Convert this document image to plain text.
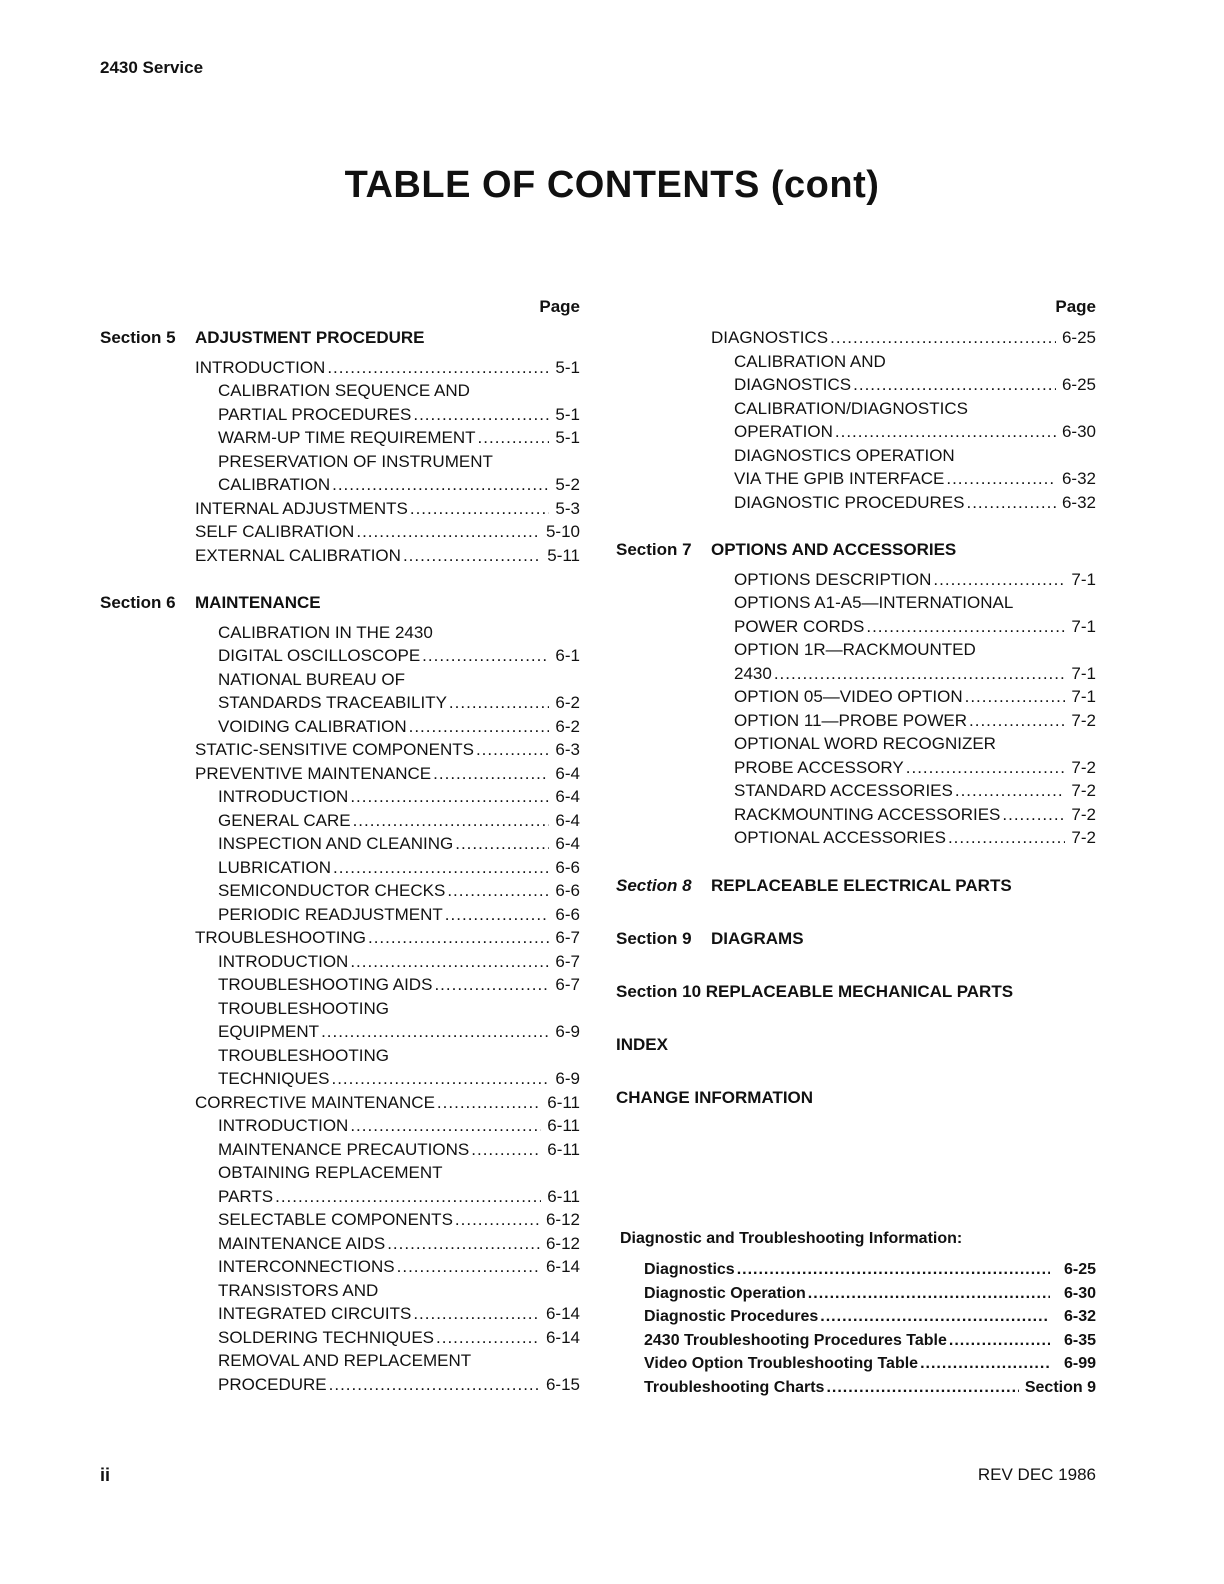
2430 Service
TABLE OF CONTENTS (cont)
Page
Section 5	ADJUSTMENT PROCEDURE
INTRODUCTION .....	5-1
CALIBRATION SEQUENCE AND
PARTIAL PROCEDURES .....	5-1
WARM-UP TIME REQUIREMENT .....	5-1
PRESERVATION OF INSTRUMENT
CALIBRATION .....	5-2
INTERNAL ADJUSTMENTS .....	5-3
SELF CALIBRATION .....	5-10
EXTERNAL CALIBRATION .....	5-11
Section 6	MAINTENANCE
CALIBRATION IN THE 2430
DIGITAL OSCILLOSCOPE .....	6-1
NATIONAL BUREAU OF
STANDARDS TRACEABILITY .....	6-2
VOIDING CALIBRATION .....	6-2
STATIC-SENSITIVE COMPONENTS .....	6-3
PREVENTIVE MAINTENANCE .....	6-4
INTRODUCTION .....	6-4
GENERAL CARE .....	6-4
INSPECTION AND CLEANING .....	6-4
LUBRICATION .....	6-6
SEMICONDUCTOR CHECKS .....	6-6
PERIODIC READJUSTMENT .....	6-6
TROUBLESHOOTING .....	6-7
INTRODUCTION .....	6-7
TROUBLESHOOTING AIDS .....	6-7
TROUBLESHOOTING
EQUIPMENT .....	6-9
TROUBLESHOOTING
TECHNIQUES .....	6-9
CORRECTIVE MAINTENANCE .....	6-11
INTRODUCTION .....	6-11
MAINTENANCE PRECAUTIONS .....	6-11
OBTAINING REPLACEMENT
PARTS .....	6-11
SELECTABLE COMPONENTS .....	6-12
MAINTENANCE AIDS .....	6-12
INTERCONNECTIONS .....	6-14
TRANSISTORS AND
INTEGRATED CIRCUITS .....	6-14
SOLDERING TECHNIQUES .....	6-14
REMOVAL AND REPLACEMENT
PROCEDURE .....	6-15
Page
DIAGNOSTICS .....	6-25
CALIBRATION AND
DIAGNOSTICS .....	6-25
CALIBRATION/DIAGNOSTICS
OPERATION .....	6-30
DIAGNOSTICS OPERATION
VIA THE GPIB INTERFACE .....	6-32
DIAGNOSTIC PROCEDURES .....	6-32
Section 7	OPTIONS AND ACCESSORIES
OPTIONS DESCRIPTION .....	7-1
OPTIONS A1-A5—INTERNATIONAL
POWER CORDS .....	7-1
OPTION 1R—RACKMOUNTED
2430 .....	7-1
OPTION 05—VIDEO OPTION .....	7-1
OPTION 11—PROBE POWER .....	7-2
OPTIONAL WORD RECOGNIZER
PROBE ACCESSORY .....	7-2
STANDARD ACCESSORIES .....	7-2
RACKMOUNTING ACCESSORIES .....	7-2
OPTIONAL ACCESSORIES .....	7-2
Section 8	REPLACEABLE ELECTRICAL PARTS
Section 9	DIAGRAMS
Section 10
REPLACEABLE MECHANICAL PARTS
INDEX
CHANGE INFORMATION
Diagnostic and Troubleshooting Information:
Diagnostics .....	6-25
Diagnostic Operation .....	6-30
Diagnostic Procedures .....	6-32
2430 Troubleshooting Procedures Table .....	6-35
Video Option Troubleshooting Table .....	6-99
Troubleshooting Charts .....	Section 9
ii	REV DEC 1986
